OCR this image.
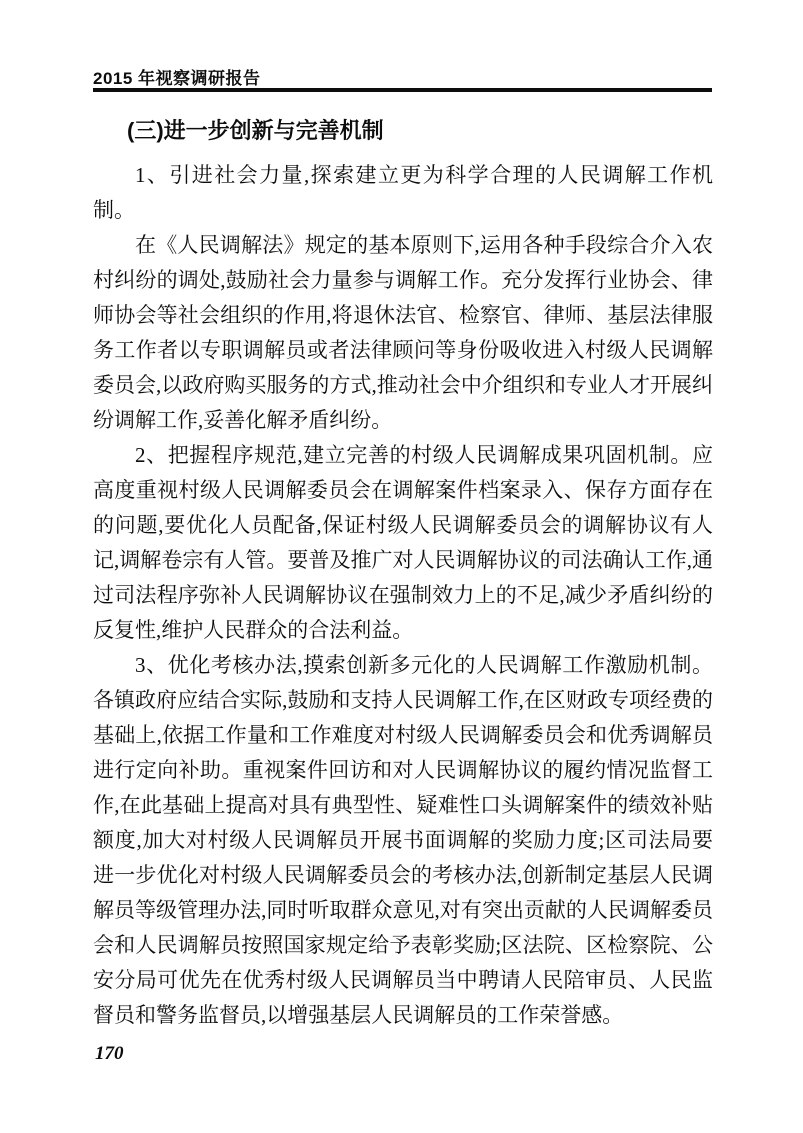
2015 年视察调研报告
(三)进一步创新与完善机制

1、引进社会力量,探索建立更为科学合理的人民调解工作机制。

在《人民调解法》规定的基本原则下,运用各种手段综合介入农村纠纷的调处,鼓励社会力量参与调解工作。充分发挥行业协会、律师协会等社会组织的作用,将退休法官、检察官、律师、基层法律服务工作者以专职调解员或者法律顾问等身份吸收进入村级人民调解委员会,以政府购买服务的方式,推动社会中介组织和专业人才开展纠纷调解工作,妥善化解矛盾纠纷。

2、把握程序规范,建立完善的村级人民调解成果巩固机制。应高度重视村级人民调解委员会在调解案件档案录入、保存方面存在的问题,要优化人员配备,保证村级人民调解委员会的调解协议有人记,调解卷宗有人管。要普及推广对人民调解协议的司法确认工作,通过司法程序弥补人民调解协议在强制效力上的不足,减少矛盾纠纷的反复性,维护人民群众的合法利益。

3、优化考核办法,摸索创新多元化的人民调解工作激励机制。各镇政府应结合实际,鼓励和支持人民调解工作,在区财政专项经费的基础上,依据工作量和工作难度对村级人民调解委员会和优秀调解员进行定向补助。重视案件回访和对人民调解协议的履约情况监督工作,在此基础上提高对具有典型性、疑难性口头调解案件的绩效补贴额度,加大对村级人民调解员开展书面调解的奖励力度;区司法局要进一步优化对村级人民调解委员会的考核办法,创新制定基层人民调解员等级管理办法,同时听取群众意见,对有突出贡献的人民调解委员会和人民调解员按照国家规定给予表彰奖励;区法院、区检察院、公安分局可优先在优秀村级人民调解员当中聘请人民陪审员、人民监督员和警务监督员,以增强基层人民调解员的工作荣誉感。

170
